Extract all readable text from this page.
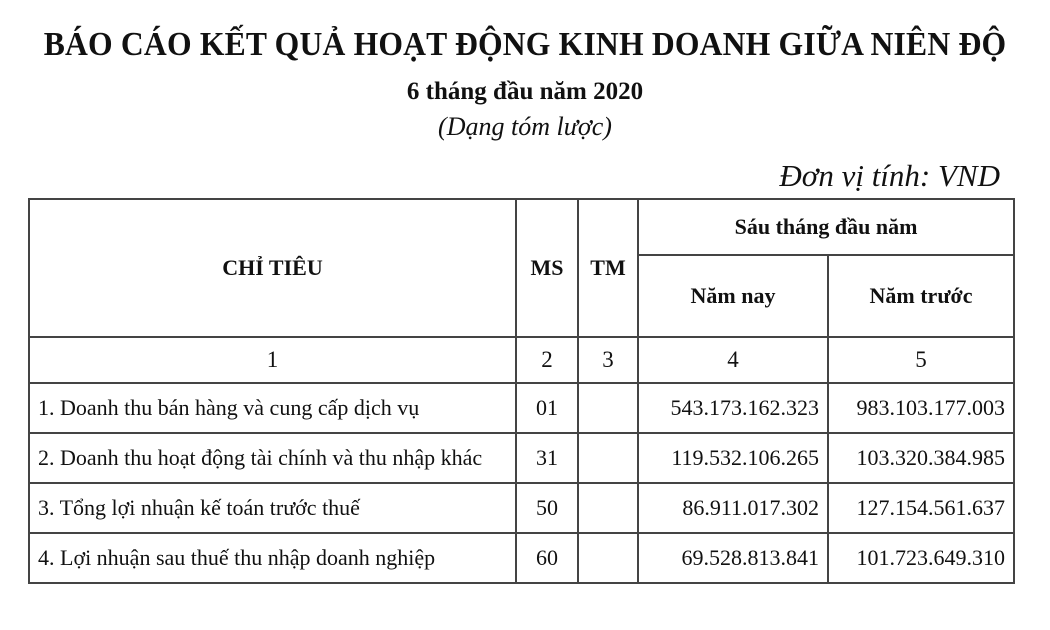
BÁO CÁO KẾT QUẢ HOẠT ĐỘNG KINH DOANH GIỮA NIÊN ĐỘ
6 tháng đầu năm 2020
(Dạng tóm lược)
Đơn vị tính: VND
CHỈ TIÊU	MS	TM	Sáu tháng đầu năm	
			Năm nay	Năm trước
1	2	3	4	5
1. Doanh thu bán hàng và cung cấp dịch vụ	01		543.173.162.323	983.103.177.003
2. Doanh thu hoạt động tài chính và thu nhập khác	31		119.532.106.265	103.320.384.985
3. Tổng lợi nhuận kế toán trước thuế	50		86.911.017.302	127.154.561.637
4. Lợi nhuận sau thuế thu nhập doanh nghiệp	60		69.528.813.841	101.723.649.310
